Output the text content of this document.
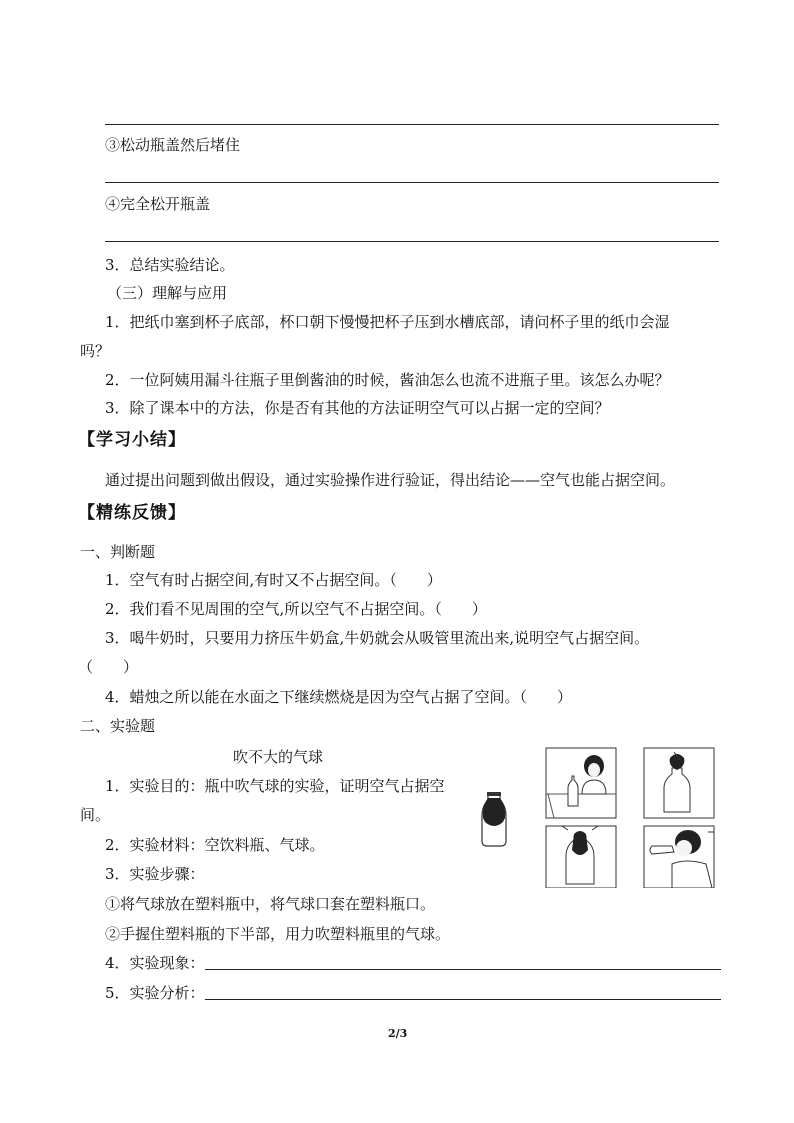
③松动瓶盖然后堵住
④完全松开瓶盖
3．总结实验结论。
（三）理解与应用
1．把纸巾塞到杯子底部，杯口朝下慢慢把杯子压到水槽底部，请问杯子里的纸巾会湿
吗？
2．一位阿姨用漏斗往瓶子里倒酱油的时候，酱油怎么也流不进瓶子里。该怎么办呢？
3．除了课本中的方法，你是否有其他的方法证明空气可以占据一定的空间？
【学习小结】
通过提出问题到做出假设，通过实验操作进行验证，得出结论——空气也能占据空间。
【精练反馈】
一、判断题
1．空气有时占据空间,有时又不占据空间。（ ）
2．我们看不见周围的空气,所以空气不占据空间。（ ）
3．喝牛奶时，只要用力挤压牛奶盒,牛奶就会从吸管里流出来,说明空气占据空间。
（ ）
4．蜡烛之所以能在水面之下继续燃烧是因为空气占据了空间。（ ）
二、实验题
吹不大的气球
1．实验目的：瓶中吹气球的实验，证明空气占据空
间。
2．实验材料：空饮料瓶、气球。
3．实验步骤：
①将气球放在塑料瓶中，将气球口套在塑料瓶口。
②手握住塑料瓶的下半部，用力吹塑料瓶里的气球。
4．实验现象：
5．实验分析：
2/3
